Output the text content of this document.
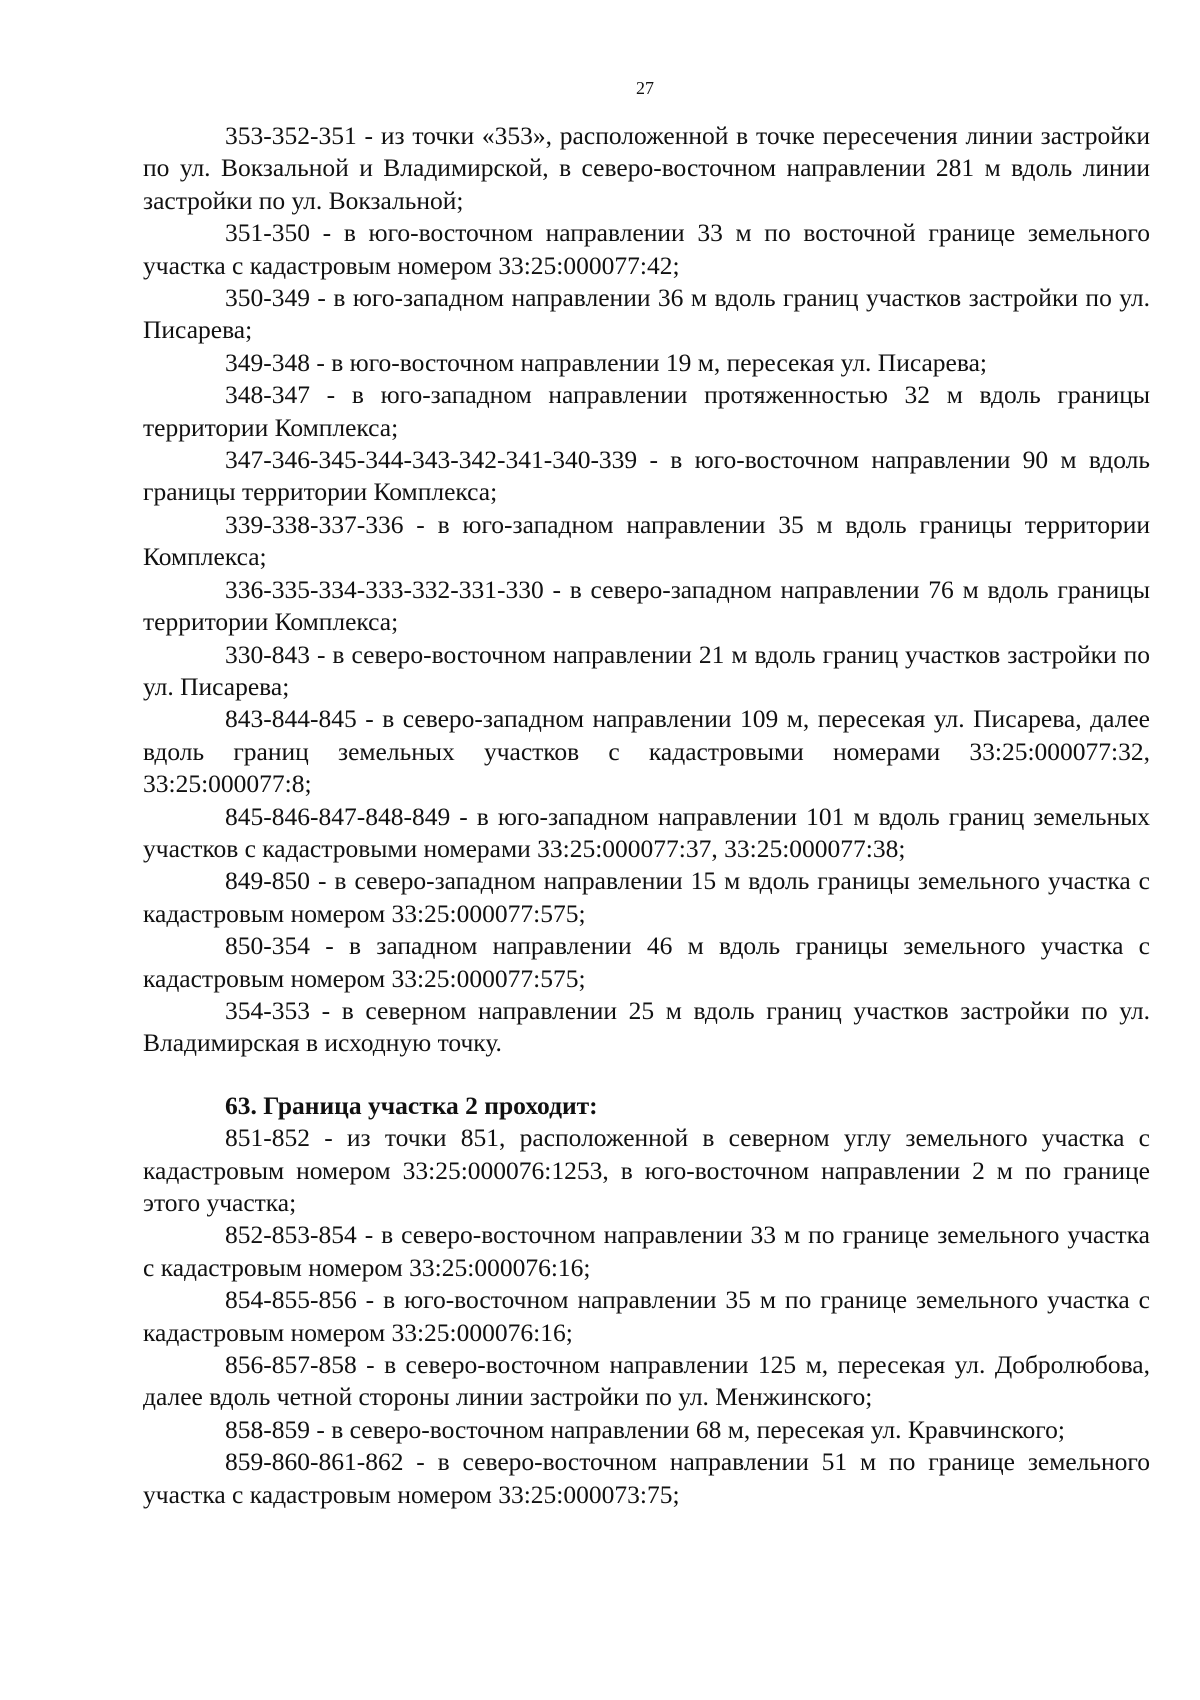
27

353-352-351 - из точки «353», расположенной в точке пересечения линии застройки по ул. Вокзальной и Владимирской, в северо-восточном направлении 281 м вдоль линии застройки по ул. Вокзальной;

351-350 - в юго-восточном направлении 33 м по восточной границе земельного участка с кадастровым номером 33:25:000077:42;

350-349 - в юго-западном направлении 36 м вдоль границ участков застройки по ул. Писарева;

349-348 - в юго-восточном направлении 19 м, пересекая ул. Писарева;

348-347 - в юго-западном направлении протяженностью 32 м вдоль границы территории Комплекса;

347-346-345-344-343-342-341-340-339 - в юго-восточном направлении 90 м вдоль границы территории Комплекса;

339-338-337-336 - в юго-западном направлении 35 м вдоль границы территории Комплекса;

336-335-334-333-332-331-330 - в северо-западном направлении 76 м вдоль границы территории Комплекса;

330-843 - в северо-восточном направлении 21 м вдоль границ участков застройки по ул. Писарева;

843-844-845 - в северо-западном направлении 109 м, пересекая ул. Писарева, далее вдоль границ земельных участков с кадастровыми номерами 33:25:000077:32, 33:25:000077:8;

845-846-847-848-849 - в юго-западном направлении 101 м вдоль границ земельных участков с кадастровыми номерами 33:25:000077:37, 33:25:000077:38;

849-850 - в северо-западном направлении 15 м вдоль границы земельного участка с кадастровым номером 33:25:000077:575;

850-354 - в западном направлении 46 м вдоль границы земельного участка с кадастровым номером 33:25:000077:575;

354-353 - в северном направлении 25 м вдоль границ участков застройки по ул. Владимирская в исходную точку.

63. Граница участка 2 проходит:

851-852 - из точки 851, расположенной в северном углу земельного участка с кадастровым номером 33:25:000076:1253, в юго-восточном направлении 2 м по границе этого участка;

852-853-854 - в северо-восточном направлении 33 м по границе земельного участка с кадастровым номером 33:25:000076:16;

854-855-856 - в юго-восточном направлении 35 м по границе земельного участка с кадастровым номером 33:25:000076:16;

856-857-858 - в северо-восточном направлении 125 м, пересекая ул. Добролюбова, далее вдоль четной стороны линии застройки по ул. Менжинского;

858-859 - в северо-восточном направлении 68 м, пересекая ул. Кравчинского;

859-860-861-862 - в северо-восточном направлении 51 м по границе земельного участка с кадастровым номером 33:25:000073:75;
